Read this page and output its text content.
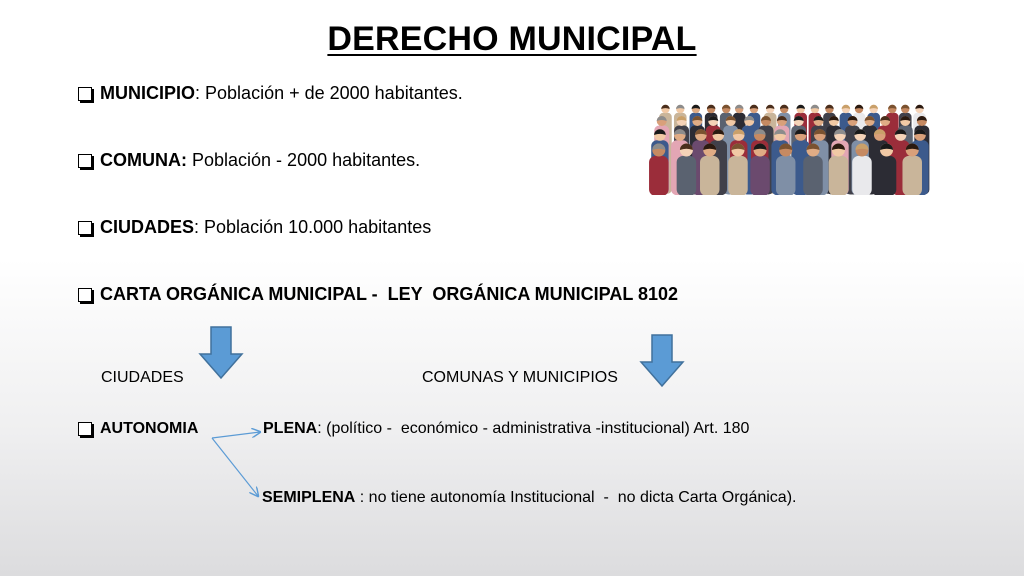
DERECHO MUNICIPAL
MUNICIPIO : Población + de 2000 habitantes.
COMUNA: Población - 2000 habitantes.
CIUDADES : Población 10.000 habitantes
CARTA ORGÁNICA MUNICIPAL -  LEY  ORGÁNICA MUNICIPAL 8102
CIUDADES	COMUNAS Y MUNICIPIOS
AUTONOMIA	PLENA: (político -  económico - administrativa -institucional) Art. 180
SEMIPLENA : no tiene autonomía Institucional  -  no dicta Carta Orgánica).
